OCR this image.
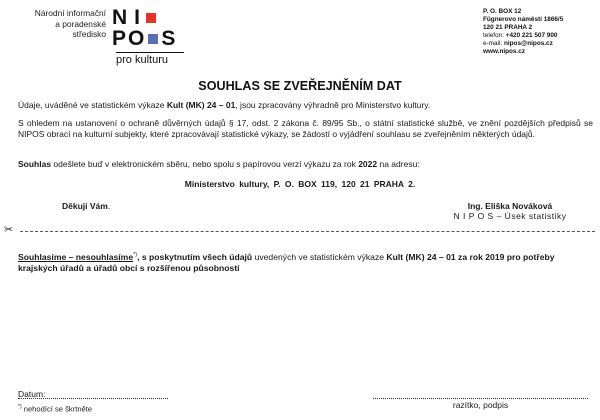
Národní informační
a poradenské
středisko
N I
P O S
pro kulturu
P. O. BOX 12
Fügnerovo náměstí 1866/5
120 21 PRAHA 2
telefon: +420 221 507 900
e-mail: nipos@nipos.cz
www.nipos.cz
SOUHLAS SE ZVEŘEJNĚNÍM DAT
Údaje, uváděné ve statistickém výkaze Kult (MK) 24 – 01, jsou zpracovány výhradně pro Ministerstvo kultury.
S ohledem na ustanovení o ochraně důvěrných údajů § 17, odst. 2 zákona č. 89/95 Sb., o státní statistické službě, ve znění pozdějších předpisů se NIPOS obrací na kulturní subjekty, které zpracovávají statistické výkazy, se žádostí o vyjádření souhlasu se zveřejněním některých údajů.
Souhlas odešlete buď v elektronickém sběru, nebo spolu s papírovou verzí výkazu za rok 2022 na adresu:
Ministerstvo kultury, P. O. BOX 119, 120 21 PRAHA 2.
Děkuji Vám.	Ing. Eliška Nováková
N I P O S – Úsek statistiky
✂
Souhlasíme – nesouhlasíme*), s poskytnutím všech údajů uvedených ve statistickém výkaze Kult (MK) 24 – 01 za rok 2019 pro potřeby krajských úřadů a úřadů obcí s rozšířenou působností
Datum:
razítko, podpis
*) nehodící se škrtněte
